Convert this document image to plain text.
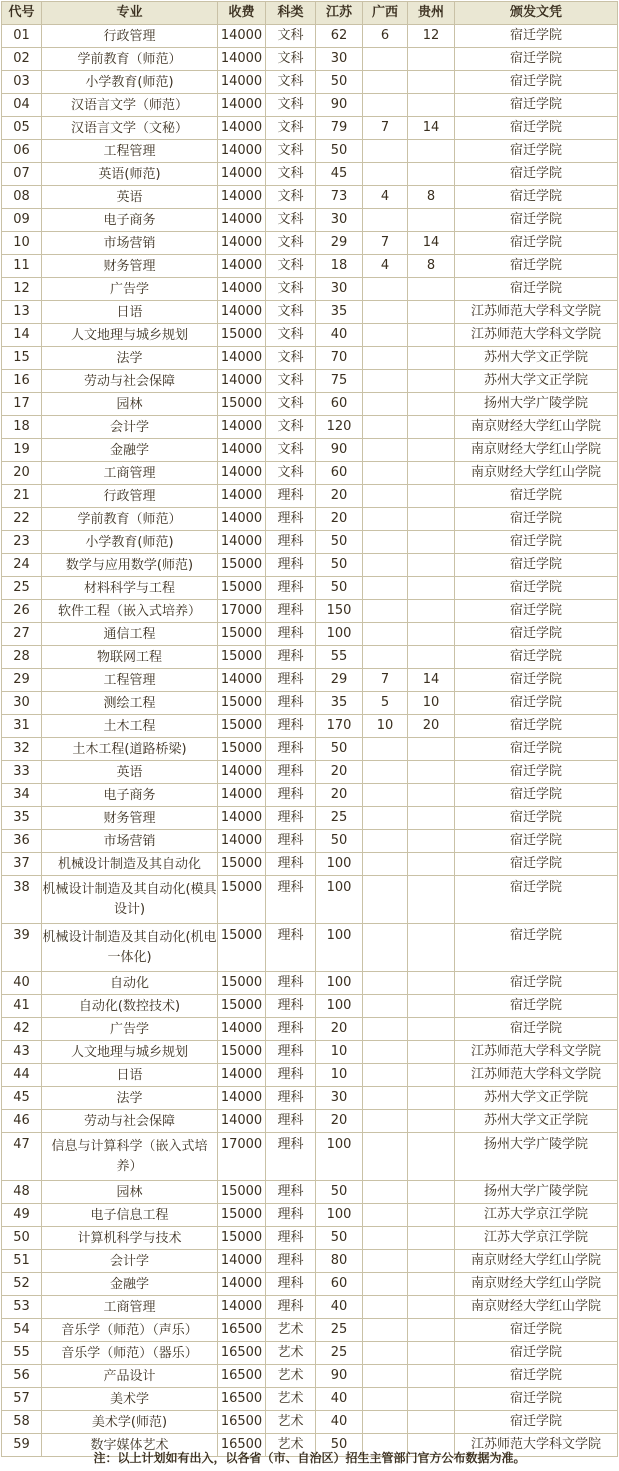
代号	专业	收费	科类	江苏	广西	贵州	颁发文凭
01	行政管理	14000	文科	62	6	12	宿迁学院
02	学前教育（师范）	14000	文科	30			宿迁学院
03	小学教育(师范)	14000	文科	50			宿迁学院
04	汉语言文学（师范）	14000	文科	90			宿迁学院
05	汉语言文学（文秘）	14000	文科	79	7	14	宿迁学院
06	工程管理	14000	文科	50			宿迁学院
07	英语(师范)	14000	文科	45			宿迁学院
08	英语	14000	文科	73	4	8	宿迁学院
09	电子商务	14000	文科	30			宿迁学院
10	市场营销	14000	文科	29	7	14	宿迁学院
11	财务管理	14000	文科	18	4	8	宿迁学院
12	广告学	14000	文科	30			宿迁学院
13	日语	14000	文科	35			江苏师范大学科文学院
14	人文地理与城乡规划	15000	文科	40			江苏师范大学科文学院
15	法学	14000	文科	70			苏州大学文正学院
16	劳动与社会保障	14000	文科	75			苏州大学文正学院
17	园林	15000	文科	60			扬州大学广陵学院
18	会计学	14000	文科	120			南京财经大学红山学院
19	金融学	14000	文科	90			南京财经大学红山学院
20	工商管理	14000	文科	60			南京财经大学红山学院
21	行政管理	14000	理科	20			宿迁学院
22	学前教育（师范）	14000	理科	20			宿迁学院
23	小学教育(师范)	14000	理科	50			宿迁学院
24	数学与应用数学(师范)	15000	理科	50			宿迁学院
25	材料科学与工程	15000	理科	50			宿迁学院
26	软件工程（嵌入式培养）	17000	理科	150			宿迁学院
27	通信工程	15000	理科	100			宿迁学院
28	物联网工程	15000	理科	55			宿迁学院
29	工程管理	14000	理科	29	7	14	宿迁学院
30	测绘工程	15000	理科	35	5	10	宿迁学院
31	土木工程	15000	理科	170	10	20	宿迁学院
32	土木工程(道路桥梁)	15000	理科	50			宿迁学院
33	英语	14000	理科	20			宿迁学院
34	电子商务	14000	理科	20			宿迁学院
35	财务管理	14000	理科	25			宿迁学院
36	市场营销	14000	理科	50			宿迁学院
37	机械设计制造及其自动化	15000	理科	100			宿迁学院
38	机械设计制造及其自动化(模具设计)	15000	理科	100			宿迁学院
39	机械设计制造及其自动化(机电一体化)	15000	理科	100			宿迁学院
40	自动化	15000	理科	100			宿迁学院
41	自动化(数控技术)	15000	理科	100			宿迁学院
42	广告学	14000	理科	20			宿迁学院
43	人文地理与城乡规划	15000	理科	10			江苏师范大学科文学院
44	日语	14000	理科	10			江苏师范大学科文学院
45	法学	14000	理科	30			苏州大学文正学院
46	劳动与社会保障	14000	理科	20			苏州大学文正学院
47	信息与计算科学（嵌入式培养）	17000	理科	100			扬州大学广陵学院
48	园林	15000	理科	50			扬州大学广陵学院
49	电子信息工程	15000	理科	100			江苏大学京江学院
50	计算机科学与技术	15000	理科	50			江苏大学京江学院
51	会计学	14000	理科	80			南京财经大学红山学院
52	金融学	14000	理科	60			南京财经大学红山学院
53	工商管理	14000	理科	40			南京财经大学红山学院
54	音乐学（师范）（声乐）	16500	艺术	25			宿迁学院
55	音乐学（师范）（器乐）	16500	艺术	25			宿迁学院
56	产品设计	16500	艺术	90			宿迁学院
57	美术学	16500	艺术	40			宿迁学院
58	美术学(师范)	16500	艺术	40			宿迁学院
59	数字媒体艺术	16500	艺术	50			江苏师范大学科文学院
注：以上计划如有出入，以各省（市、自治区）招生主管部门官方公布数据为准。
